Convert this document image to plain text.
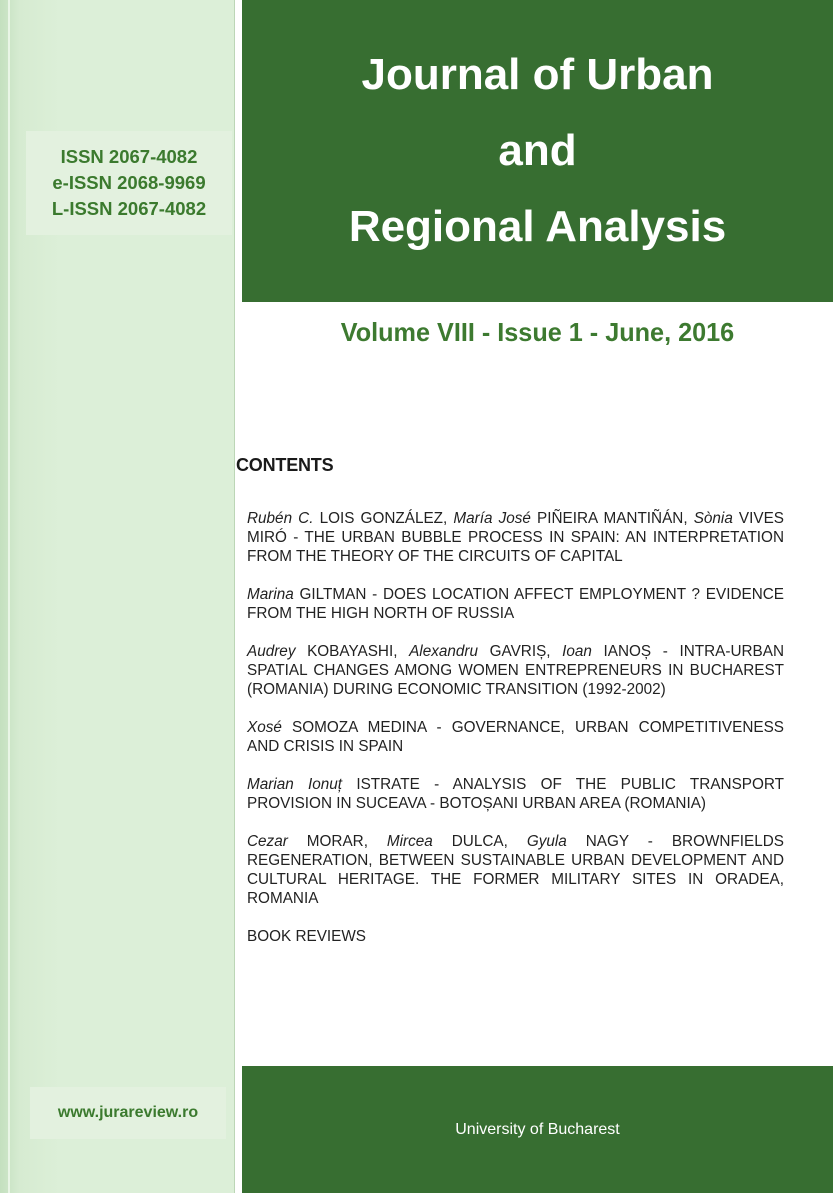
ISSN 2067-4082
e-ISSN 2068-9969
L-ISSN 2067-4082
www.jurareview.ro
Journal of Urban
and
Regional Analysis
Volume VIII - Issue 1 - June, 2016
CONTENTS

Rubén C. LOIS GONZÁLEZ, María José PIÑEIRA MANTIÑÁN, Sònia VIVES MIRÓ - THE URBAN BUBBLE PROCESS IN SPAIN: AN INTERPRETATION FROM THE THEORY OF THE CIRCUITS OF CAPITAL

Marina GILTMAN - DOES LOCATION AFFECT EMPLOYMENT ? EVIDENCE FROM THE HIGH NORTH OF RUSSIA

Audrey KOBAYASHI, Alexandru GAVRIȘ, Ioan IANOȘ - INTRA-URBAN SPATIAL CHANGES AMONG WOMEN ENTREPRENEURS IN BUCHAREST (ROMANIA) DURING ECONOMIC TRANSITION (1992-2002)

Xosé SOMOZA MEDINA - GOVERNANCE, URBAN COMPETITIVENESS AND CRISIS IN SPAIN

Marian Ionuț ISTRATE - ANALYSIS OF THE PUBLIC TRANSPORT PROVISION IN SUCEAVA - BOTOȘANI URBAN AREA (ROMANIA)

Cezar MORAR, Mircea DULCA, Gyula NAGY - BROWNFIELDS REGENERATION, BETWEEN SUSTAINABLE URBAN DEVELOPMENT AND CULTURAL HERITAGE. THE FORMER MILITARY SITES IN ORADEA, ROMANIA

BOOK REVIEWS
University of Bucharest
